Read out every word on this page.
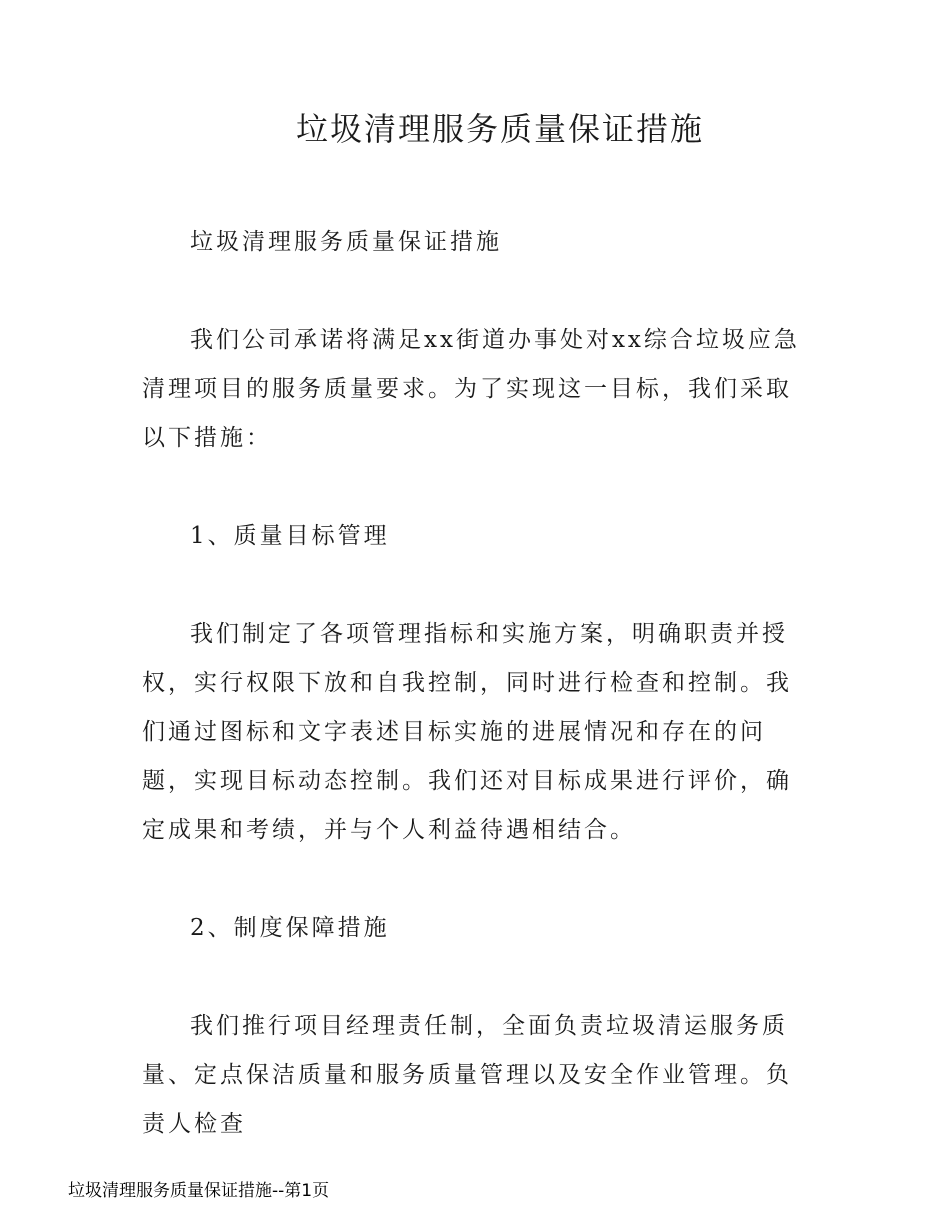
垃圾清理服务质量保证措施

垃圾清理服务质量保证措施

我们公司承诺将满足xx街道办事处对xx综合垃圾应急清理项目的服务质量要求。为了实现这一目标，我们采取以下措施：

1、质量目标管理

我们制定了各项管理指标和实施方案，明确职责并授权，实行权限下放和自我控制，同时进行检查和控制。我们通过图标和文字表述目标实施的进展情况和存在的问题，实现目标动态控制。我们还对目标成果进行评价，确定成果和考绩，并与个人利益待遇相结合。

2、制度保障措施

我们推行项目经理责任制，全面负责垃圾清运服务质量、定点保洁质量和服务质量管理以及安全作业管理。负责人检查

垃圾清理服务质量保证措施--第1页
